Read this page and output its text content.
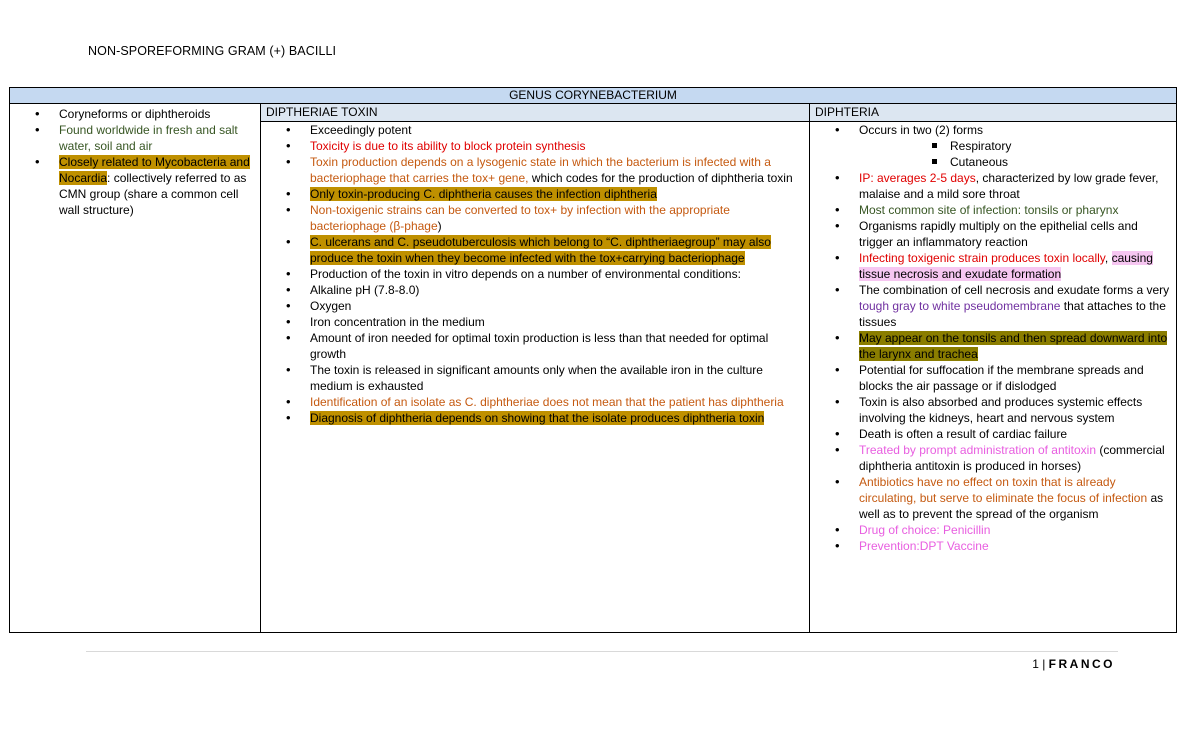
NON-SPOREFORMING GRAM (+) BACILLI
GENUS CORYNEBACTERIUM

• Coryneforms or diphtheroids
• Found worldwide in fresh and salt water, soil and air
• Closely related to Mycobacteria and Nocardia: collectively referred to as CMN group (share a common cell wall structure)

DIPTHERIAE TOXIN
• Exceedingly potent
• Toxicity is due to its ability to block protein synthesis
• Toxin production depends on a lysogenic state in which the bacterium is infected with a bacteriophage that carries the tox+ gene, which codes for the production of diphtheria toxin
• Only toxin-producing C. diphtheria causes the infection diphtheria
• Non-toxigenic strains can be converted to tox+ by infection with the appropriate bacteriophage (β-phage)
• C. ulcerans and C. pseudotuberculosis which belong to “C. diphtheriaegroup” may also produce the toxin when they become infected with the tox+carrying bacteriophage
• Production of the toxin in vitro depends on a number of environmental conditions:
• Alkaline pH (7.8-8.0)
• Oxygen
• Iron concentration in the medium
• Amount of iron needed for optimal toxin production is less than that needed for optimal growth
• The toxin is released in significant amounts only when the available iron in the culture medium is exhausted
• Identification of an isolate as C. diphtheriae does not mean that the patient has diphtheria
• Diagnosis of diphtheria depends on showing that the isolate produces diphtheria toxin

DIPHTERIA
• Occurs in two (2) forms
Respiratory
Cutaneous
• IP: averages 2-5 days, characterized by low grade fever, malaise and a mild sore throat
• Most common site of infection: tonsils or pharynx
• Organisms rapidly multiply on the epithelial cells and trigger an inflammatory reaction
• Infecting toxigenic strain produces toxin locally, causing tissue necrosis and exudate formation
• The combination of cell necrosis and exudate forms a very tough gray to white pseudomembrane that attaches to the tissues
• May appear on the tonsils and then spread downward into the larynx and trachea
• Potential for suffocation if the membrane spreads and blocks the air passage or if dislodged
• Toxin is also absorbed and produces systemic effects involving the kidneys, heart and nervous system
• Death is often a result of cardiac failure
• Treated by prompt administration of antitoxin (commercial diphtheria antitoxin is produced in horses)
• Antibiotics have no effect on toxin that is already circulating, but serve to eliminate the focus of infection as well as to prevent the spread of the organism
• Drug of choice: Penicillin
• Prevention:DPT Vaccine
1 | FRANCO
